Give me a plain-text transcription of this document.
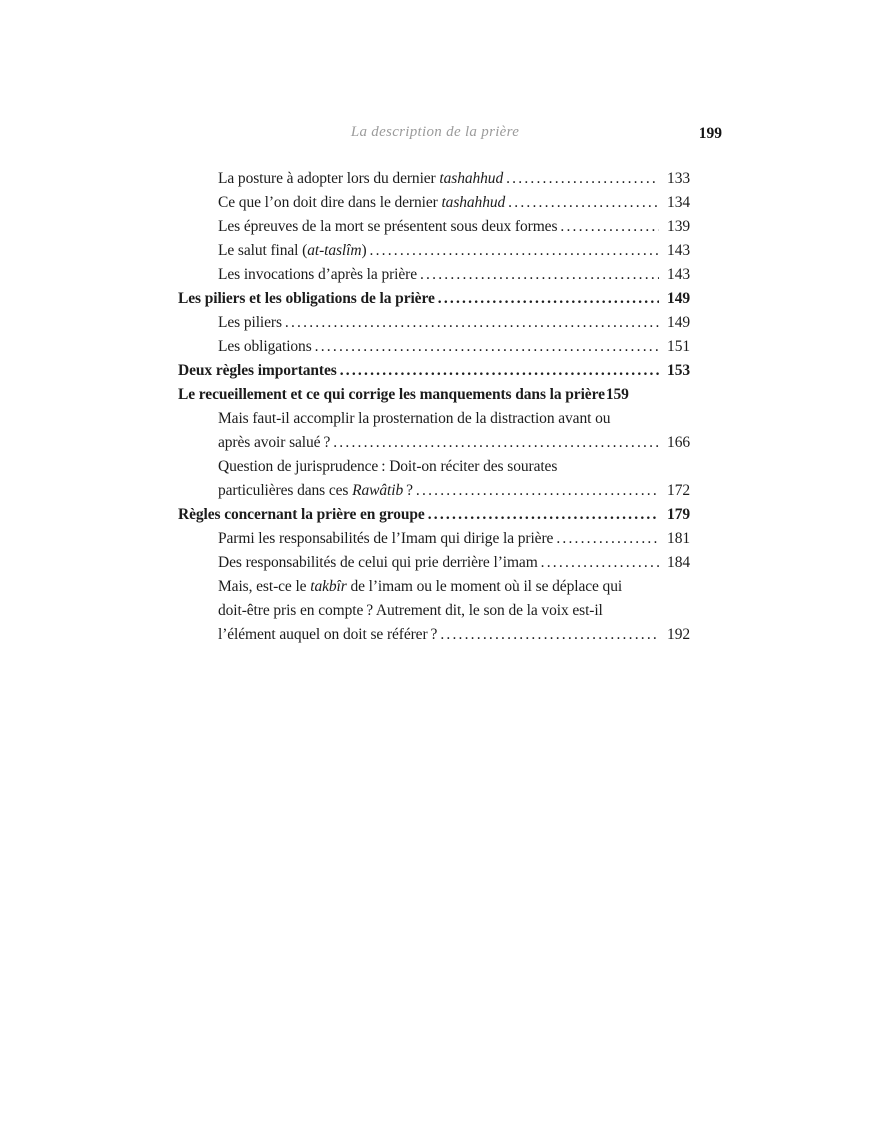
La description de la prière	199
La posture à adopter lors du dernier tashahhud .....	133
Ce que l’on doit dire dans le dernier tashahhud .....	134
Les épreuves de la mort se présentent sous deux formes .....	139
Le salut final (at-taslîm) .....	143
Les invocations d’après la prière .....	143
Les piliers et les obligations de la prière .....	149
Les piliers .....	149
Les obligations .....	151
Deux règles importantes .....	153
Le recueillement et ce qui corrige les manquements dans la prière 159
Mais faut-il accomplir la prosternation de la distraction avant ou
après avoir salué ? .....	166
Question de jurisprudence : Doit-on réciter des sourates
particulières dans ces Rawâtib ? .....	172
Règles concernant la prière en groupe .....	179
Parmi les responsabilités de l’Imam qui dirige la prière .....	181
Des responsabilités de celui qui prie derrière l’imam .....	184
Mais, est-ce le takbîr de l’imam ou le moment où il se déplace qui
doit-être pris en compte ? Autrement dit, le son de la voix est-il
l’élément auquel on doit se référer ? .....	192
